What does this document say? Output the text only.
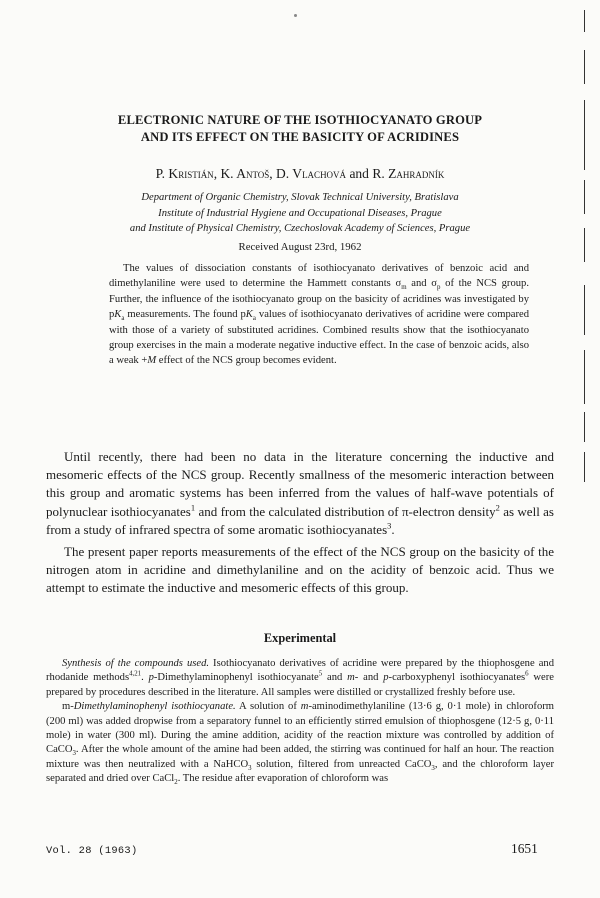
ELECTRONIC NATURE OF THE ISOTHIOCYANATO GROUP
AND ITS EFFECT ON THE BASICITY OF ACRIDINES
P. Kristián, K. Antoš, D. Vlachová and R. Zahradník
Department of Organic Chemistry, Slovak Technical University, Bratislava
Institute of Industrial Hygiene and Occupational Diseases, Prague
and Institute of Physical Chemistry, Czechoslovak Academy of Sciences, Prague
Received August 23rd, 1962
The values of dissociation constants of isothiocyanato derivatives of benzoic acid and dimethylaniline were used to determine the Hammett constants $\sigma_m$ and $\sigma_p$ of the NCS group. Further, the influence of the isothiocyanato group on the basicity of acridines was investigated by $pK_a$ measurements. The found $pK_a$ values of isothiocyanato derivatives of acridine were compared with those of a variety of substituted acridines. Combined results show that the isothiocyanato group exercises in the main a moderate negative inductive effect. In the case of benzoic acids, also a weak +M effect of the NCS group becomes evident.

Until recently, there had been no data in the literature concerning the inductive and mesomeric effects of the NCS group. Recently smallness of the mesomeric interaction between this group and aromatic systems has been inferred from the values of half-wave potentials of polynuclear isothiocyanates$^1$ and from the calculated distribution of π-electron density$^2$ as well as from a study of infrared spectra of some aromatic isothiocyanates$^3$.

The present paper reports measurements of the effect of the NCS group on the basicity of the nitrogen atom in acridine and dimethylaniline and on the acidity of benzoic acid. Thus we attempt to estimate the inductive and mesomeric effects of this group.

Experimental

Synthesis of the compounds used. Isothiocyanato derivatives of acridine were prepared by the thiophosgene and rhodanide methods$^{4,21}$. p-Dimethylaminophenyl isothiocyanate$^5$ and m- and p-carboxyphenyl isothiocyanates$^6$ were prepared by procedures described in the literature. All samples were distilled or crystallized freshly before use.

m-Dimethylaminophenyl isothiocyanate. A solution of m-aminodimethylaniline (13·6 g, 0·1 mole) in chloroform (200 ml) was added dropwise from a separatory funnel to an efficiently stirred emulsion of thiophosgene (12·5 g, 0·11 mole) in water (300 ml). During the amine addition, acidity of the reaction mixture was controlled by addition of CaCO$_3$. After the whole amount of the amine had been added, the stirring was continued for half an hour. The reaction mixture was then neutralized with a NaHCO$_3$ solution, filtered from unreacted CaCO$_3$, and the chloroform layer separated and dried over CaCl$_2$. The residue after evaporation of chloroform was

Vol. 28 (1963)	1651
